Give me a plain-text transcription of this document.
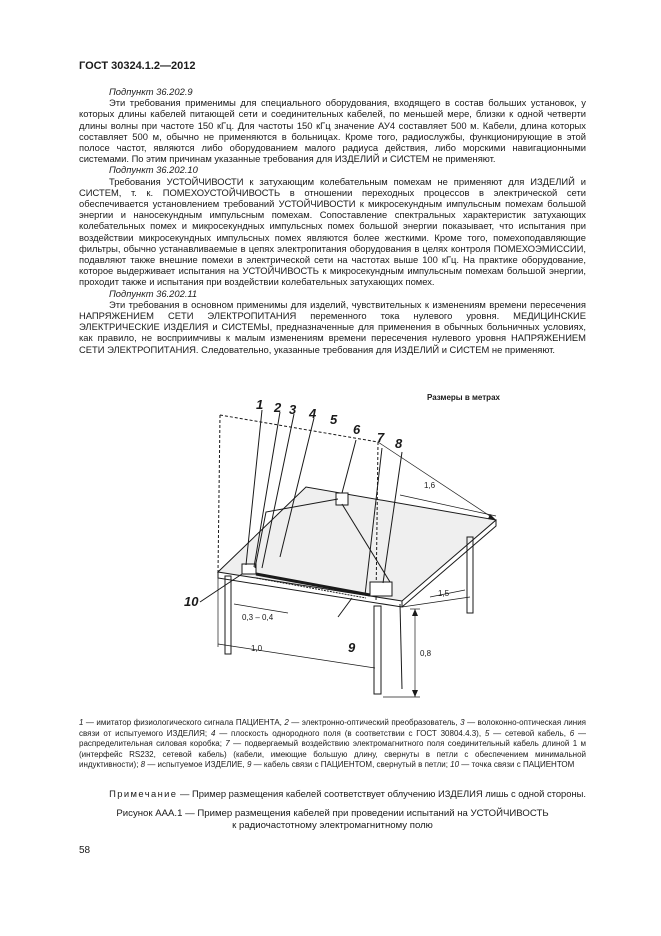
ГОСТ 30324.1.2—2012

Подпункт 36.202.9

Эти требования применимы для специального оборудования, входящего в состав больших установок, у которых длины кабелей питающей сети и соединительных кабелей, по меньшей мере, близки к одной четверти длины волны при частоте 150 кГц. Для частоты 150 кГц значение АУ4 составляет 500 м. Кабели, длина которых составляет 500 м, обычно не применяются в больницах. Кроме того, радиослужбы, функционирующие в этой полосе частот, являются либо оборудованием малого радиуса действия, либо морскими навигационными системами. По этим причинам указанные требования для ИЗДЕЛИЙ и СИСТЕМ не применяют.

Подпункт 36.202.10

Требования УСТОЙЧИВОСТИ к затухающим колебательным помехам не применяют для ИЗДЕЛИЙ и СИСТЕМ, т. к. ПОМЕХОУСТОЙЧИВОСТЬ в отношении переходных процессов в электрической сети обеспечивается установлением требований УСТОЙЧИВОСТИ к микросекундным импульсным помехам большой энергии и наносекундным импульсным помехам. Сопоставление спектральных характеристик затухающих колебательных помех и микросекундных импульсных помех большой энергии показывает, что испытания при воздействии микросекундных импульсных помех являются более жесткими. Кроме того, помехоподавляющие фильтры, обычно устанавливаемые в цепях электропитания оборудования в целях контроля ПОМЕХОЭМИССИИ, подавляют также внешние помехи в электрической сети на частотах выше 100 кГц. На практике оборудование, которое выдерживает испытания на УСТОЙЧИВОСТЬ к микросекундным импульсным помехам большой энергии, проходит также и испытания при воздействии колебательных затухающих помех.

Подпункт 36.202.11

Эти требования в основном применимы для изделий, чувствительных к изменениям времени пересечения НАПРЯЖЕНИЕМ СЕТИ ЭЛЕКТРОПИТАНИЯ переменного тока нулевого уровня. МЕДИЦИНСКИЕ ЭЛЕКТРИЧЕСКИЕ ИЗДЕЛИЯ и СИСТЕМЫ, предназначенные для применения в обычных больничных условиях, как правило, не восприимчивы к малым изменениям времени пересечения нулевого уровня НАПРЯЖЕНИЕМ СЕТИ ЭЛЕКТРОПИТАНИЯ. Следовательно, указанные требования для ИЗДЕЛИЙ и СИСТЕМ не применяют.

Размеры в метрах
1 2 3 4 5
6
7 8
9
10
1,6
1,5
0,3 – 0,4
1,0
0,8
1 — имитатор физиологического сигнала ПАЦИЕНТА, 2 — электронно-оптический преобразователь, 3 — волоконно-оптическая линия связи от испытуемого ИЗДЕЛИЯ; 4 — плоскость однородного поля (в соответствии с ГОСТ 30804.4.3), 5 — сетевой кабель, 6 — распределительная силовая коробка; 7 — подвергаемый воздействию электромагнитного поля соединительный кабель длиной 1 м (интерфейс RS232, сетевой кабель) (кабели, имеющие большую длину, свернуты в петли с обеспечением минимальной индуктивности); 8 — испытуемое ИЗДЕЛИЕ, 9 — кабель связи с ПАЦИЕНТОМ, свернутый в петли; 10 — точка связи с ПАЦИЕНТОМ
Примечание — Пример размещения кабелей соответствует облучению ИЗДЕЛИЯ лишь с одной стороны.
Рисунок ААА.1 — Пример размещения кабелей при проведении испытаний на УСТОЙЧИВОСТЬ
к радиочастотному электромагнитному полю
58
